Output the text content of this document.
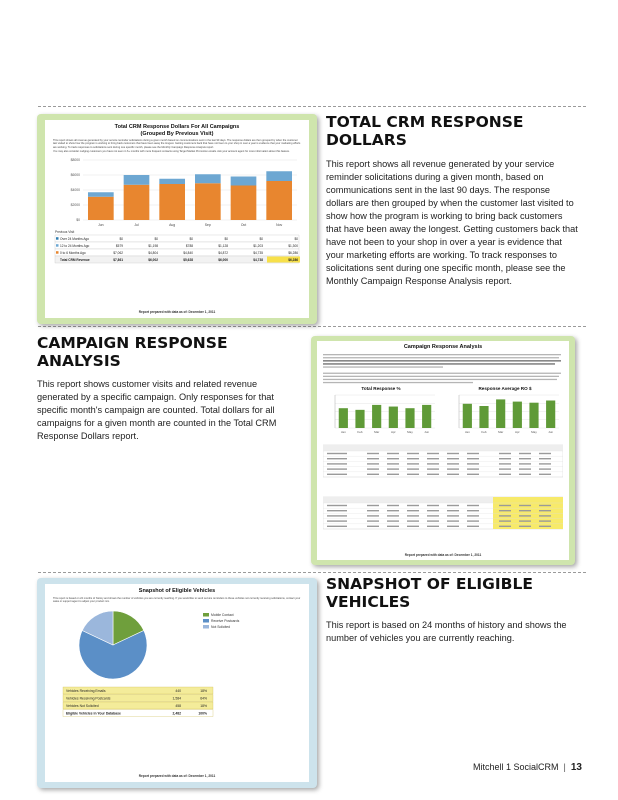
Total CRM Response Dollars For All Campaigns
(Grouped By Previous Visit)
This report shows all revenue generated by your service reminder solicitations during a given month based on communications sent in the last 90 days. The response dollars are then grouped by when the customer last visited to show how the program is working to bring back customers that have been away the longest. Getting customers back that have not been to your shop in over a year is evidence that your marketing efforts are working. To track responses to solicitations sent during one specific month, please see the Monthly Campaign Response Analysis report.
You may also consider nudging customers you have not seen in 6+ months with more frequent contacts using Target Market Promotion emails. Ask your account agent for more information about this feature.
$0
$2000
$4000
$6000
$8000
Jun	Jul	Aug	Sep	Oct	Nov
Previous Visit
Over 24 Months Ago	$0	$0	$0	$0	$0	$0
12 to 24 Months Ago	$579	$1,198	$788	$1,128	$1,203	$1,300
0 to 6 Months Ago	$7,062	$4,804	$4,840	$4,872	$4,735	$6,286
Total CRM Revenue	$7,861	$6,002	$5,628	$6,000	$4,738	$6,286
Report prepared with data as of: December 1, 2011
TOTAL CRM RESPONSE DOLLARS
This report shows all revenue generated by your service reminder solicitations during a given month, based on communications sent in the last 90 days. The response dollars are then grouped by when the customer last visited to show how the program is working to bring back customers that have been away the longest. Getting customers back that have not been to your shop in over a year is evidence that your marketing efforts are working. To track responses to solicitations sent during one specific month, please see the Monthly Campaign Response Analysis report.
CAMPAIGN RESPONSE ANALYSIS
This report shows customer visits and related revenue generated by a specific campaign. Only responses for that specific month's campaign are counted. Total dollars for all campaigns for a given month are counted in the Total CRM Response Dollars report.
Campaign Response Analysis
Total Response %
Jan	Feb	Mar	Apr	May	Jun
Response Average RO $
Jan	Feb	Mar	Apr	May	Jun
Report prepared with data as of: December 1, 2011
Snapshot of Eligible Vehicles
This report is based on 24 months of history and shows the number of vehicles you are currently reaching. If you would like to send service reminders to these vehicles not currently receiving solicitations, contact your sales or support agent to adjust your product mix.
Mobile Contact
Receive Postcards
Not Solicited
Vehicles Receiving Emails	440	18%
Vehicles Receiving Postcards	1,584	64%
Vehicles Not Solicited	458	18%
Eligible Vehicles in Your Database	2,482	100%
Report prepared with data as of: December 1, 2011
SNAPSHOT OF ELIGIBLE VEHICLES
This report is based on 24 months of history and shows the number of vehicles you are currently reaching.
Mitchell 1 SocialCRM | 13
